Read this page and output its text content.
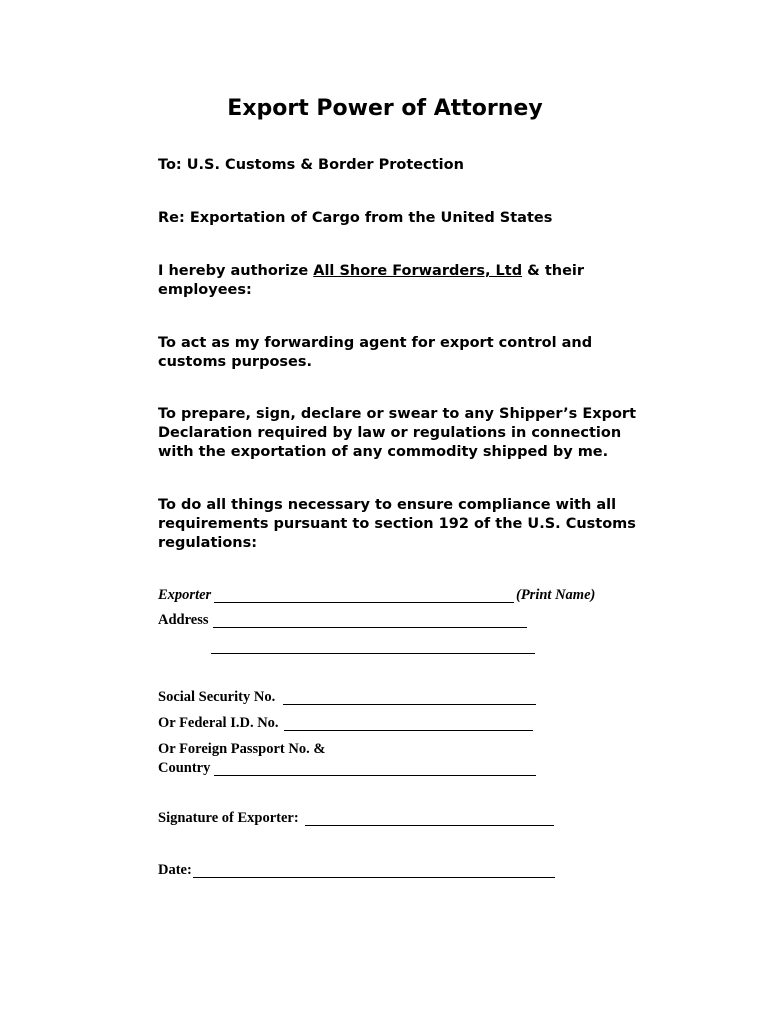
Export Power of Attorney
To: U.S. Customs & Border Protection
Re: Exportation of Cargo from the United States
I hereby authorize All Shore Forwarders, Ltd & their
employees:
To act as my forwarding agent for export control and
customs purposes.
To prepare, sign, declare or swear to any Shipper’s Export
Declaration required by law or regulations in connection
with the exportation of any commodity shipped by me.
To do all things necessary to ensure compliance with all
requirements pursuant to section 192 of the U.S. Customs
regulations:
Exporter	(Print Name)
Address
Social Security No.
Or Federal I.D. No.
Or Foreign Passport No. &
Country
Signature of Exporter:
Date:
